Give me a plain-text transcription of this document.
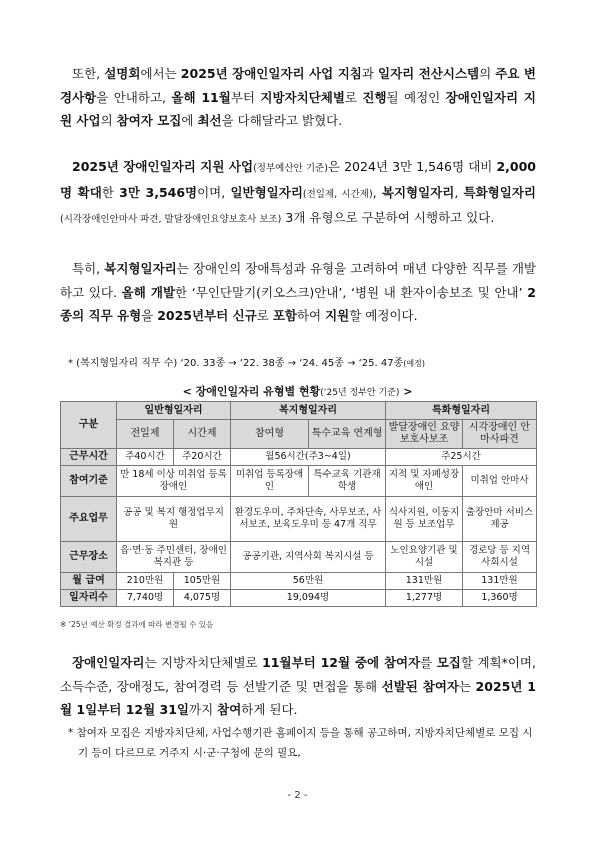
또한, 설명회에서는 2025년 장애인일자리 사업 지침과 일자리 전산시스템의 주요 변경사항을 안내하고, 올해 11월부터 지방자치단체별로 진행될 예정인 장애인일자리 지원 사업의 참여자 모집에 최선을 다해달라고 밝혔다.

2025년 장애인일자리 지원 사업(정부예산안 기준)은 2024년 3만 1,546명 대비 2,000명 확대한 3만 3,546명이며, 일반형일자리(전일제, 시간제), 복지형일자리, 특화형일자리(시각장애인안마사 파견, 발달장애인요양보호사 보조) 3개 유형으로 구분하여 시행하고 있다.

특히, 복지형일자리는 장애인의 장애특성과 유형을 고려하여 매년 다양한 직무를 개발하고 있다. 올해 개발한 ‘무인단말기(키오스크)안내’, ‘병원 내 환자이송보조 및 안내’ 2종의 직무 유형을 2025년부터 신규로 포함하여 지원할 예정이다.

* (복지형일자리 직무 수) ‘20. 33종 → ‘22. 38종 → ‘24. 45종 → ‘25. 47종(예정)

< 장애인일자리 유형별 현황(‘25년 정부안 기준) >
구분	일반형일자리		복지형일자리		특화형일자리	
	전일제	시간제	참여형	특수교육 연계형	발달장애인 요양보호사보조	시각장애인 안마사파견
근무시간	주40시간	주20시간	월56시간(주3~4일)		주25시간	
참여기준	만 18세 이상 미취업 등록장애인		미취업 등록장애인	특수교육 기관재학생	지적 및 자폐성장애인	미취업 안마사
주요업무	공공 및 복지 행정업무지원		환경도우미, 주차단속, 사무보조, 사서보조, 보육도우미 등 47개 직무		식사지원, 이동지원 등 보조업무	출장안마 서비스 제공
근무장소	읍·면·동 주민센터, 장애인복지관 등		공공기관, 지역사회 복지시설 등		노인요양기관 및 시설	경로당 등 지역사회시설
월 급여	210만원	105만원	56만원		131만원	131만원
일자리수	7,740명	4,075명	19,094명		1,277명	1,360명

※ ‘25년 예산 확정 결과에 따라 변경될 수 있음

장애인일자리는 지방자치단체별로 11월부터 12월 중에 참여자를 모집할 계획*이며, 소득수준, 장애정도, 참여경력 등 선발기준 및 면접을 통해 선발된 참여자는 2025년 1월 1일부터 12월 31일까지 참여하게 된다.

* 참여자 모집은 지방자치단체, 사업수행기관 홈페이지 등을 통해 공고하며, 지방자치단체별로 모집 시기 등이 다르므로 거주지 시·군·구청에 문의 필요,

- 2 -
